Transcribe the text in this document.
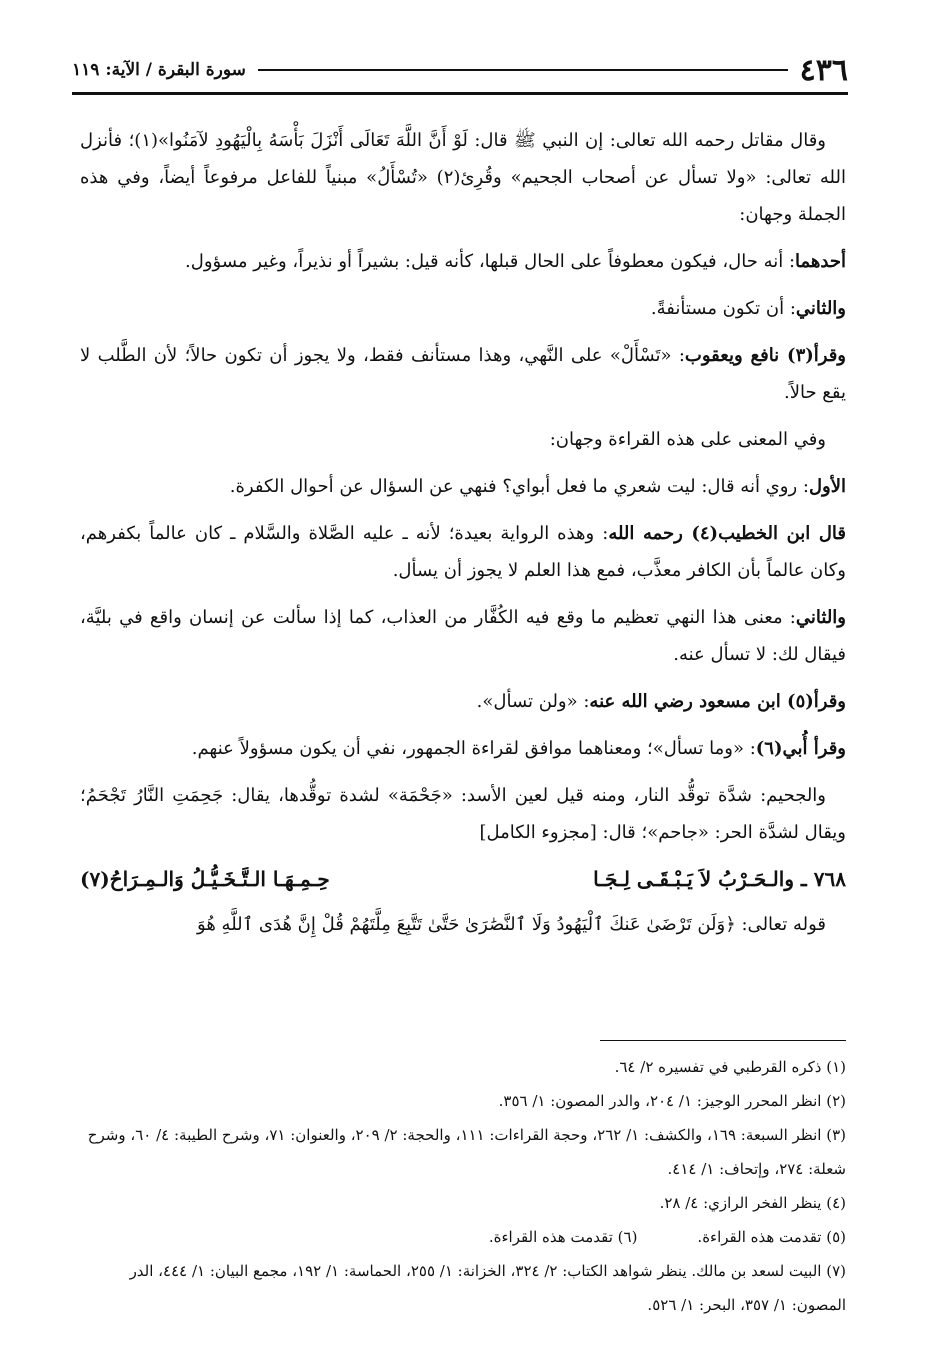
٤٣٦
سورة البقرة / الآية: ١١٩

وقال مقاتل رحمه الله تعالى: إن النبي ﷺ قال: لَوْ أَنَّ اللَّهَ تَعَالَى أَنْزَلَ بَأْسَهُ بِالْيَهُودِ لآمَنُوا»(١)؛ فأنزل الله تعالى: «ولا تسأل عن أصحاب الجحيم» وقُرِئ(٢) «تُسْأَلُ» مبنياً للفاعل مرفوعاً أيضاً، وفي هذه الجملة وجهان:

أحدهما: أنه حال، فيكون معطوفاً على الحال قبلها، كأنه قيل: بشيراً أو نذيراً، وغير مسؤول.

والثاني: أن تكون مستأنفةً.

وقرأ(٣) نافع ويعقوب: «تَسْأَلْ» على النَّهي، وهذا مستأنف فقط، ولا يجوز أن تكون حالاً؛ لأن الطَّلب لا يقع حالاً.

وفي المعنى على هذه القراءة وجهان:

الأول: روي أنه قال: ليت شعري ما فعل أبواي؟ فنهي عن السؤال عن أحوال الكفرة.

قال ابن الخطيب(٤) رحمه الله: وهذه الرواية بعيدة؛ لأنه ـ عليه الصَّلاة والسَّلام ـ كان عالماً بكفرهم، وكان عالماً بأن الكافر معذَّب، فمع هذا العلم لا يجوز أن يسأل.

والثاني: معنى هذا النهي تعظيم ما وقع فيه الكُفَّار من العذاب، كما إذا سألت عن إنسان واقع في بليَّة، فيقال لك: لا تسأل عنه.

وقرأ(٥) ابن مسعود رضي الله عنه: «ولن تسأل».

وقرأ أُبي(٦): «وما تسأل»؛ ومعناهما موافق لقراءة الجمهور، نفي أن يكون مسؤولاً عنهم.

والجحيم: شدَّة توقُّد النار، ومنه قيل لعين الأسد: «جَحْمَة» لشدة توقُّدها، يقال: جَحِمَتِ النَّارُ تَجْحَمُ؛ ويقال لشدَّة الحر: «جاحم»؛ قال: [مجزوء الكامل]

٧٦٨ ـ والـحَـرْبُ لاَ يَـبْـقَـى لِـجَـا
حِـمِـهَـا الـتَّـخَـيُّـلُ وَالـمِـرَاحُ(٧)

قوله تعالى: ﴿وَلَن تَرْضَىٰ عَنكَ ٱلْيَهُودُ وَلَا ٱلنَّصَٰرَىٰ حَتَّىٰ تَتَّبِعَ مِلَّتَهُمْ قُلْ إِنَّ هُدَى ٱللَّهِ هُوَ

(١) ذكره القرطبي في تفسيره ٢/ ٦٤.
(٢) انظر المحرر الوجيز: ١/ ٢٠٤، والدر المصون: ١/ ٣٥٦.
(٣) انظر السبعة: ١٦٩، والكشف: ١/ ٢٦٢، وحجة القراءات: ١١١، والحجة: ٢/ ٢٠٩، والعنوان: ٧١، وشرح الطيبة: ٤/ ٦٠، وشرح شعلة: ٢٧٤، وإتحاف: ١/ ٤١٤.
(٤) ينظر الفخر الرازي: ٤/ ٢٨.
(٥) تقدمت هذه القراءة.
(٦) تقدمت هذه القراءة.
(٧) البيت لسعد بن مالك. ينظر شواهد الكتاب: ٢/ ٣٢٤، الخزانة: ١/ ٢٥٥، الحماسة: ١/ ١٩٢، مجمع البيان: ١/ ٤٤٤، الدر المصون: ١/ ٣٥٧، البحر: ١/ ٥٢٦.
